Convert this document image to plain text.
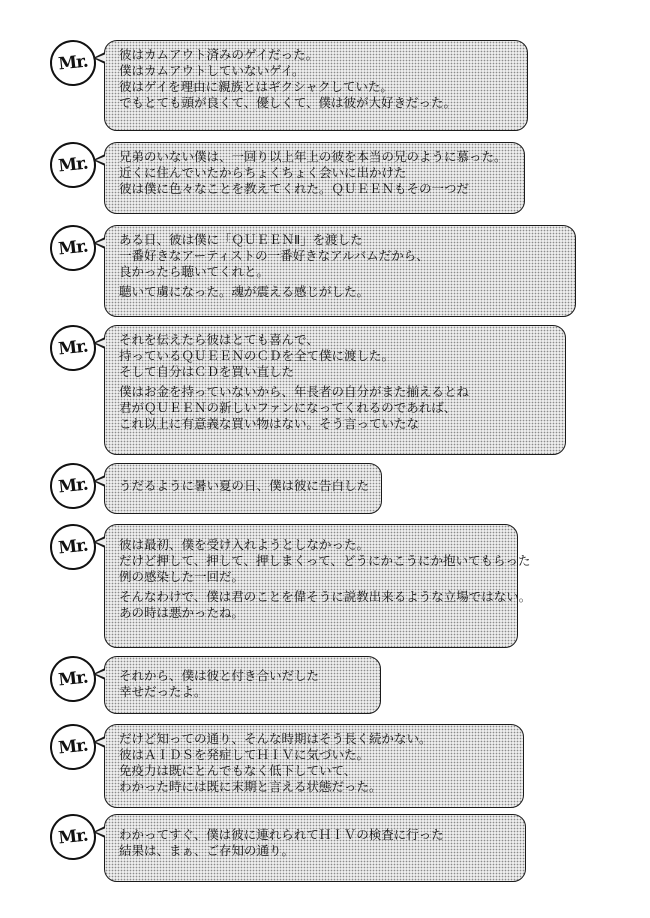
Mr.	彼はカムアウト済みのゲイだった。
僕はカムアウトしていないゲイ。
彼はゲイを理由に親族とはギクシャクしていた。
でもとても頭が良くて、優しくて、僕は彼が大好きだった。
Mr.	兄弟のいない僕は、一回り以上年上の彼を本当の兄のように慕った。
近くに住んでいたからちょくちょく会いに出かけた
彼は僕に色々なことを教えてくれた。ＱＵＥＥＮもその一つだ
Mr.	ある日、彼は僕に「ＱＵＥＥＮⅡ」を渡した
一番好きなアーティストの一番好きなアルバムだから、
良かったら聴いてくれと。
聴いて虜になった。魂が震える感じがした。
Mr.	それを伝えたら彼はとても喜んで、
持っているＱＵＥＥＮのＣＤを全て僕に渡した。
そして自分はＣＤを買い直した
僕はお金を持っていないから、年長者の自分がまた揃えるとね
君がＱＵＥＥＮの新しいファンになってくれるのであれば、
これ以上に有意義な買い物はない。そう言っていたな
Mr.	うだるように暑い夏の日、僕は彼に告白した
Mr.	彼は最初、僕を受け入れようとしなかった。
だけど押して、押して、押しまくって、どうにかこうにか抱いてもらった
例の感染した一回だ。
そんなわけで、僕は君のことを偉そうに説教出来るような立場ではない。
あの時は悪かったね。
Mr.	それから、僕は彼と付き合いだした
幸せだったよ。
Mr.	だけど知っての通り、そんな時期はそう長く続かない。
彼はＡＩＤＳを発症してＨＩＶに気づいた。
免疫力は既にとんでもなく低下していて、
わかった時には既に末期と言える状態だった。
Mr.	わかってすぐ、僕は彼に連れられてＨＩＶの検査に行った
結果は、まぁ、ご存知の通り。
